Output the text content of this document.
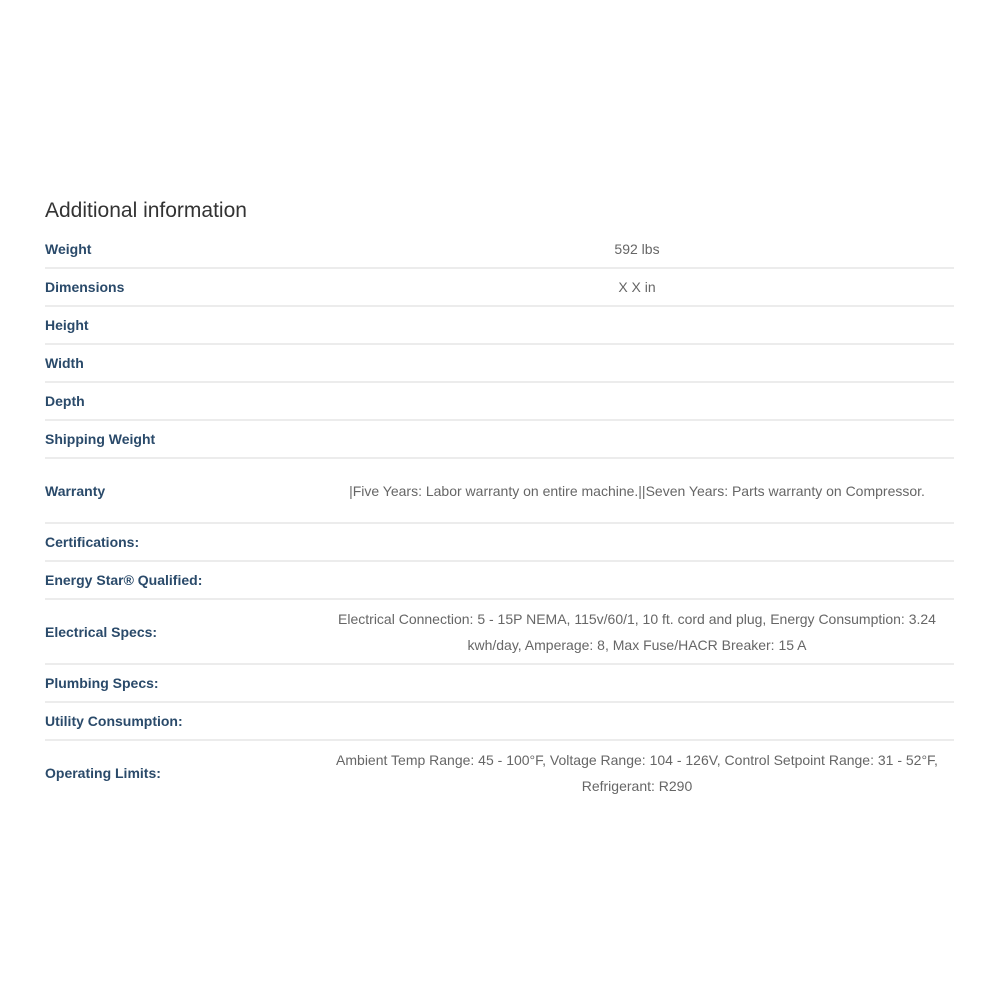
Additional information
Weight	592 lbs
Dimensions	X X in
Height	
Width	
Depth	
Shipping Weight	
Warranty	|Five Years: Labor warranty on entire machine.||Seven Years: Parts warranty on Compressor.
Certifications:	
Energy Star® Qualified:	
Electrical Specs:	Electrical Connection: 5 - 15P NEMA, 115v/60/1, 10 ft. cord and plug, Energy Consumption: 3.24 kwh/day, Amperage: 8, Max Fuse/HACR Breaker: 15 A
Plumbing Specs:	
Utility Consumption:	
Operating Limits:	Ambient Temp Range: 45 - 100°F, Voltage Range: 104 - 126V, Control Setpoint Range: 31 - 52°F, Refrigerant: R290
